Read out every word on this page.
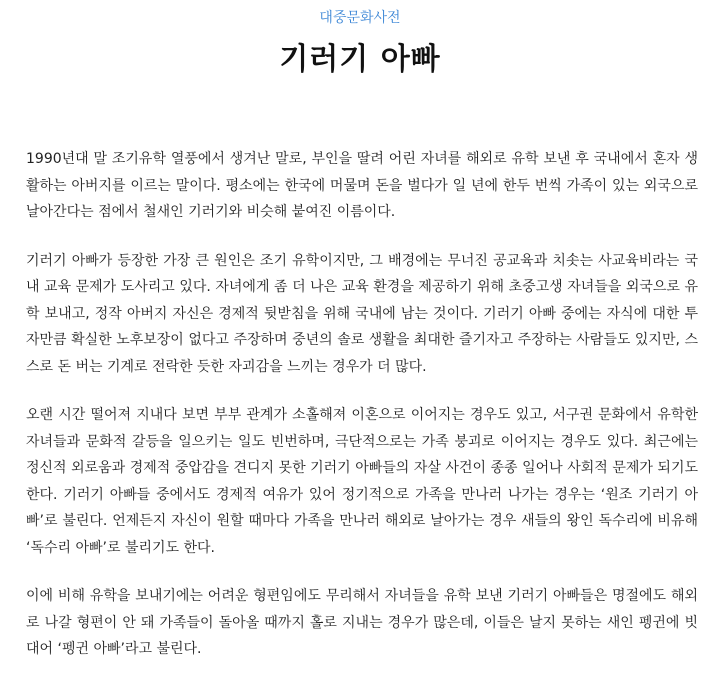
대중문화사전
기러기 아빠

1990년대 말 조기유학 열풍에서 생겨난 말로, 부인을 딸려 어린 자녀를 해외로 유학 보낸 후 국내에서 혼자 생활하는 아버지를 이르는 말이다. 평소에는 한국에 머물며 돈을 벌다가 일 년에 한두 번씩 가족이 있는 외국으로 날아간다는 점에서 철새인 기러기와 비슷해 붙여진 이름이다.

기러기 아빠가 등장한 가장 큰 원인은 조기 유학이지만, 그 배경에는 무너진 공교육과 치솟는 사교육비라는 국내 교육 문제가 도사리고 있다. 자녀에게 좀 더 나은 교육 환경을 제공하기 위해 초중고생 자녀들을 외국으로 유학 보내고, 정작 아버지 자신은 경제적 뒷받침을 위해 국내에 남는 것이다. 기러기 아빠 중에는 자식에 대한 투자만큼 확실한 노후보장이 없다고 주장하며 중년의 솔로 생활을 최대한 즐기자고 주장하는 사람들도 있지만, 스스로 돈 버는 기계로 전락한 듯한 자괴감을 느끼는 경우가 더 많다.

오랜 시간 떨어져 지내다 보면 부부 관계가 소홀해져 이혼으로 이어지는 경우도 있고, 서구권 문화에서 유학한 자녀들과 문화적 갈등을 일으키는 일도 빈번하며, 극단적으로는 가족 붕괴로 이어지는 경우도 있다. 최근에는 정신적 외로움과 경제적 중압감을 견디지 못한 기러기 아빠들의 자살 사건이 종종 일어나 사회적 문제가 되기도 한다. 기러기 아빠들 중에서도 경제적 여유가 있어 정기적으로 가족을 만나러 나가는 경우는 ‘원조 기러기 아빠’로 불린다. 언제든지 자신이 원할 때마다 가족을 만나러 해외로 날아가는 경우 새들의 왕인 독수리에 비유해 ‘독수리 아빠’로 불리기도 한다.

이에 비해 유학을 보내기에는 어려운 형편임에도 무리해서 자녀들을 유학 보낸 기러기 아빠들은 명절에도 해외로 나갈 형편이 안 돼 가족들이 돌아올 때까지 홀로 지내는 경우가 많은데, 이들은 날지 못하는 새인 펭귄에 빗대어 ‘펭귄 아빠’라고 불린다.
